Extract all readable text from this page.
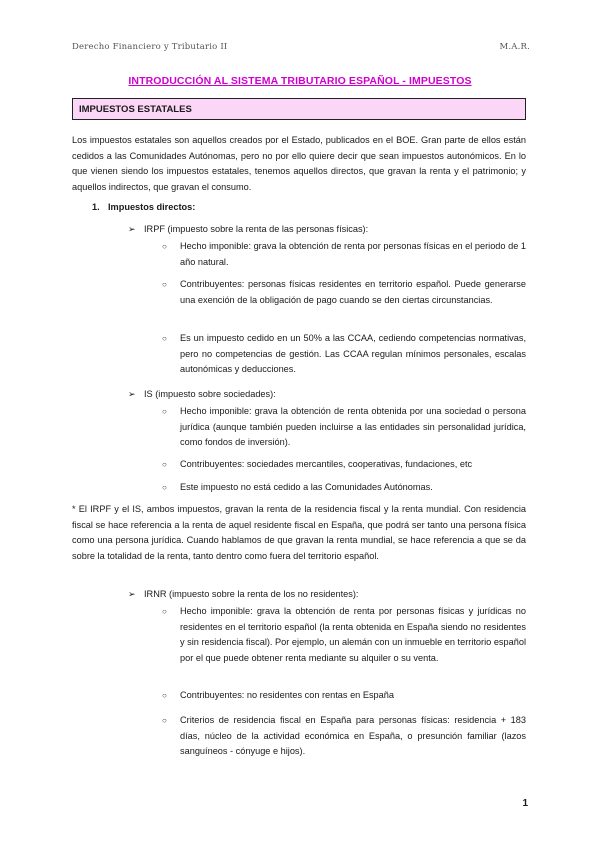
Derecho Financiero y Tributario II	M.A.R.
INTRODUCCIÓN AL SISTEMA TRIBUTARIO ESPAÑOL - IMPUESTOS
IMPUESTOS ESTATALES
Los impuestos estatales son aquellos creados por el Estado, publicados en el BOE. Gran parte de ellos están cedidos a las Comunidades Autónomas, pero no por ello quiere decir que sean impuestos autonómicos. En lo que vienen siendo los impuestos estatales, tenemos aquellos directos, que gravan la renta y el patrimonio; y aquellos indirectos, que gravan el consumo.
1. Impuestos directos:
➢ IRPF (impuesto sobre la renta de las personas físicas):
○ Hecho imponible: grava la obtención de renta por personas físicas en el periodo de 1 año natural.
○ Contribuyentes: personas físicas residentes en territorio español. Puede generarse una exención de la obligación de pago cuando se den ciertas circunstancias.
○ Es un impuesto cedido en un 50% a las CCAA, cediendo competencias normativas, pero no competencias de gestión. Las CCAA regulan mínimos personales, escalas autonómicas y deducciones.
➢ IS (impuesto sobre sociedades):
○ Hecho imponible: grava la obtención de renta obtenida por una sociedad o persona jurídica (aunque también pueden incluirse a las entidades sin personalidad jurídica, como fondos de inversión).
○ Contribuyentes: sociedades mercantiles, cooperativas, fundaciones, etc
○ Este impuesto no está cedido a las Comunidades Autónomas.
* El IRPF y el IS, ambos impuestos, gravan la renta de la residencia fiscal y la renta mundial. Con residencia fiscal se hace referencia a la renta de aquel residente fiscal en España, que podrá ser tanto una persona física como una persona jurídica. Cuando hablamos de que gravan la renta mundial, se hace referencia a que se da sobre la totalidad de la renta, tanto dentro como fuera del territorio español.
➢ IRNR (impuesto sobre la renta de los no residentes):
○ Hecho imponible: grava la obtención de renta por personas físicas y jurídicas no residentes en el territorio español (la renta obtenida en España siendo no residentes y sin residencia fiscal). Por ejemplo, un alemán con un inmueble en territorio español por el que puede obtener renta mediante su alquiler o su venta.
○ Contribuyentes: no residentes con rentas en España
○ Criterios de residencia fiscal en España para personas físicas: residencia + 183 días, núcleo de la actividad económica en España, o presunción familiar (lazos sanguíneos - cónyuge e hijos).
1
